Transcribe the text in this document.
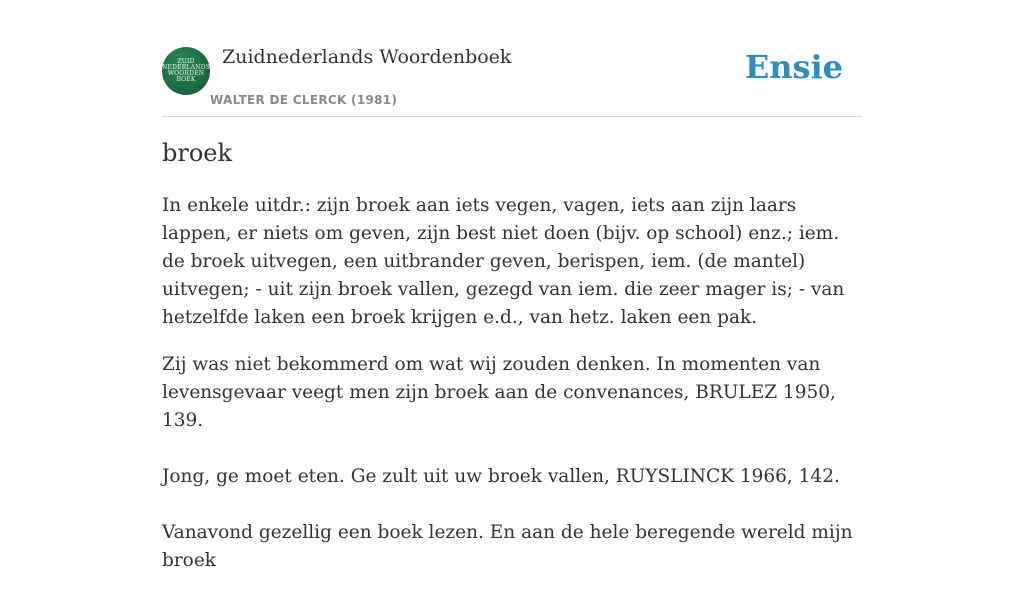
ZUID
NEDERLANDS
WOORDEN
BOEK
Zuidnederlands Woordenboek
WALTER DE CLERCK (1981)
Ensie
broek

In enkele uitdr.: zijn broek aan iets vegen, vagen, iets aan zijn laars lappen, er niets om geven, zijn best niet doen (bijv. op school) enz.; iem. de broek uitvegen, een uitbrander geven, berispen, iem. (de mantel) uitvegen; - uit zijn broek vallen, gezegd van iem. die zeer mager is; - van hetzelfde laken een broek krijgen e.d., van hetz. laken een pak.

Zij was niet bekommerd om wat wij zouden denken. In momenten van levensgevaar veegt men zijn broek aan de convenances, BRULEZ 1950, 139.

Jong, ge moet eten. Ge zult uit uw broek vallen, RUYSLINCK 1966, 142.

Vanavond gezellig een boek lezen. En aan de hele beregende wereld mijn broek
